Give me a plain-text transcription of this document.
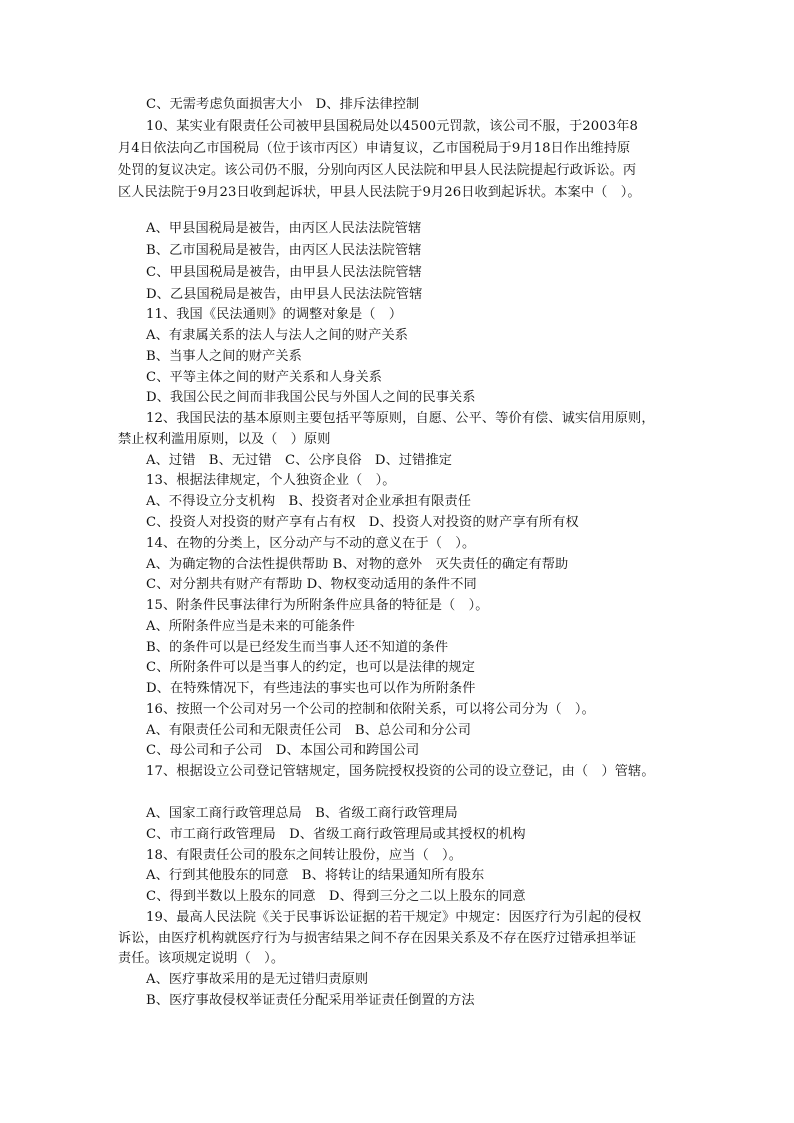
C、无需考虑负面损害大小　D、排斥法律控制
10、某实业有限责任公司被甲县国税局处以4500元罚款，该公司不服，于2003年8
月4日依法向乙市国税局（位于该市丙区）申请复议，乙市国税局于9月18日作出维持原
处罚的复议决定。该公司仍不服，分别向丙区人民法院和甲县人民法院提起行政诉讼。丙
区人民法院于9月23日收到起诉状，甲县人民法院于9月26日收到起诉状。本案中（　）。
A、甲县国税局是被告，由丙区人民法法院管辖
B、乙市国税局是被告，由丙区人民法法院管辖
C、甲县国税局是被告，由甲县人民法法院管辖
D、乙县国税局是被告，由甲县人民法法院管辖
11、我国《民法通则》的调整对象是（　）
A、有隶属关系的法人与法人之间的财产关系
B、当事人之间的财产关系
C、平等主体之间的财产关系和人身关系
D、我国公民之间而非我国公民与外国人之间的民事关系
12、我国民法的基本原则主要包括平等原则，自愿、公平、等价有偿、诚实信用原则，
禁止权利滥用原则，以及（　）原则
A、过错　B、无过错　C、公序良俗　D、过错推定
13、根据法律规定，个人独资企业（　）。
A、不得设立分支机构　B、投资者对企业承担有限责任
C、投资人对投资的财产享有占有权　D、投资人对投资的财产享有所有权
14、在物的分类上，区分动产与不动的意义在于（　）。
A、为确定物的合法性提供帮助 B、对物的意外　灭失责任的确定有帮助
C、对分割共有财产有帮助 D、物权变动适用的条件不同
15、附条件民事法律行为所附条件应具备的特征是（　）。
A、所附条件应当是未来的可能条件
B、的条件可以是已经发生而当事人还不知道的条件
C、所附条件可以是当事人的约定，也可以是法律的规定
D、在特殊情况下，有些违法的事实也可以作为所附条件
16、按照一个公司对另一个公司的控制和依附关系，可以将公司分为（　）。
A、有限责任公司和无限责任公司　B、总公司和分公司
C、母公司和子公司　D、本国公司和跨国公司
17、根据设立公司登记管辖规定，国务院授权投资的公司的设立登记，由（　）管辖。
A、国家工商行政管理总局　B、省级工商行政管理局
C、市工商行政管理局　D、省级工商行政管理局或其授权的机构
18、有限责任公司的股东之间转让股份，应当（　）。
A、行到其他股东的同意　B、将转让的结果通知所有股东
C、得到半数以上股东的同意　D、得到三分之二以上股东的同意
19、最高人民法院《关于民事诉讼证据的若干规定》中规定：因医疗行为引起的侵权
诉讼，由医疗机构就医疗行为与损害结果之间不存在因果关系及不存在医疗过错承担举证
责任。该项规定说明（　）。
A、医疗事故采用的是无过错归责原则
B、医疗事故侵权举证责任分配采用举证责任倒置的方法
